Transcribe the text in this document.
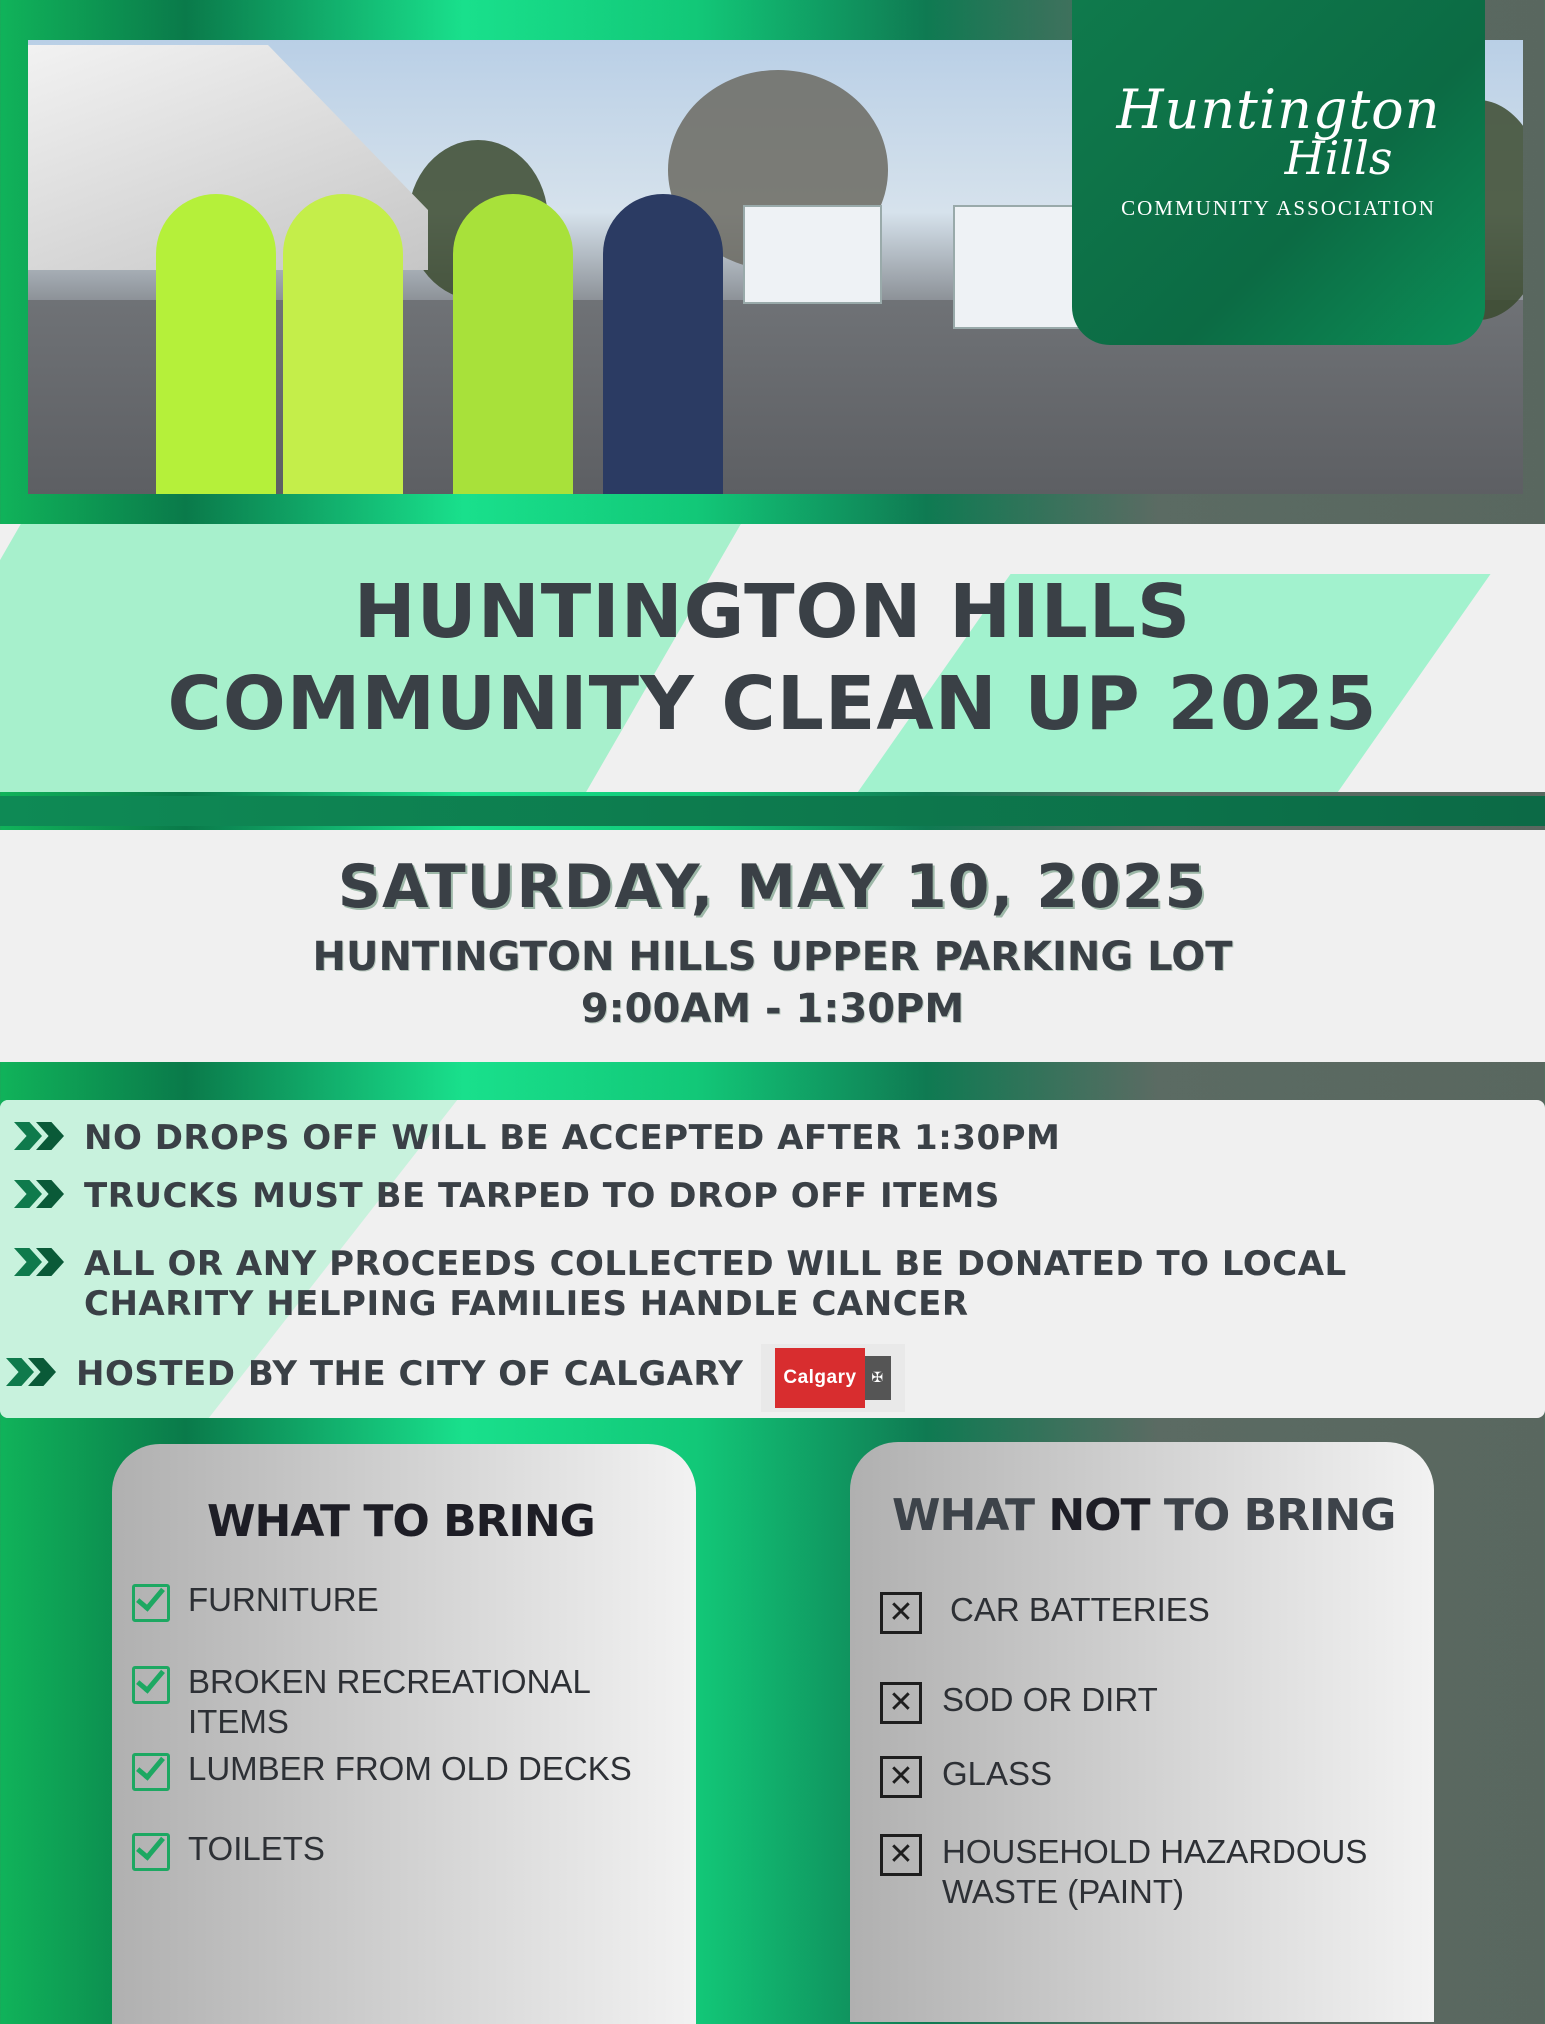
Huntington
Hills
COMMUNITY ASSOCIATION
HUNTINGTON HILLS
COMMUNITY CLEAN UP 2025
SATURDAY, MAY 10, 2025
HUNTINGTON HILLS UPPER PARKING LOT
9:00AM - 1:30PM
NO DROPS OFF WILL BE ACCEPTED AFTER 1:30PM
TRUCKS MUST BE TARPED TO DROP OFF ITEMS
ALL OR ANY PROCEEDS COLLECTED WILL BE DONATED TO LOCAL
CHARITY HELPING FAMILIES HANDLE CANCER
HOSTED BY THE CITY OF CALGARY	Calgary	✠
WHAT TO BRING
FURNITURE
BROKEN RECREATIONAL ITEMS
LUMBER FROM OLD DECKS
TOILETS
WHAT NOT TO BRING
✕ CAR BATTERIES
✕ SOD OR DIRT
✕ GLASS
✕ HOUSEHOLD HAZARDOUS
WASTE (PAINT)
